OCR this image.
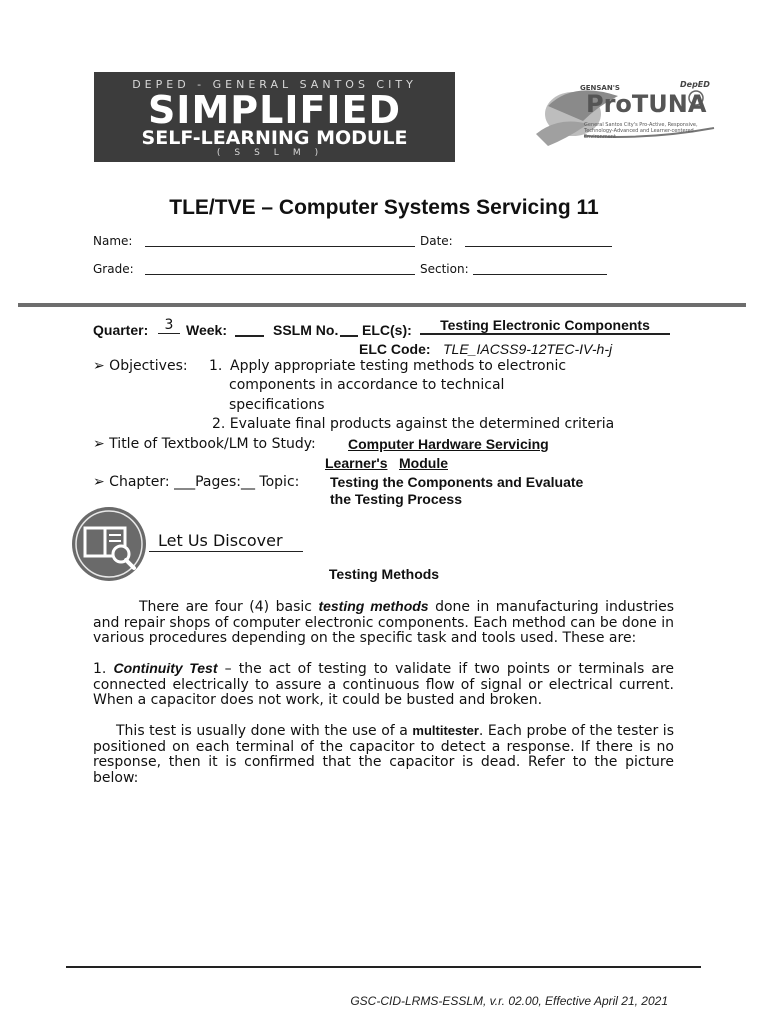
DEPED - GENERAL SANTOS CITY
SIMPLIFIED
SELF-LEARNING MODULE
(SSLM)
GENSAN'S	DepED
ProTUNA
General Santos City's Pro-Active, Responsive, Technology-Advanced and Learner-centered Environment
TLE/TVE – Computer Systems Servicing 11
Name:	Date:
Grade:	Section:
Quarter:	3 Week:	SSLM No. ELC(s):	Testing Electronic Components
ELC Code: TLE_IACSS9-12TEC-IV-h-j
➢ Objectives: 1. Apply appropriate testing methods to electronic
components in accordance to technical
specifications
2. Evaluate final products against the determined criteria
➢ Title of Textbook/LM to Study: Computer Hardware Servicing
Learner's Module
➢ Chapter: ___Pages:__ Topic: Testing the Components and Evaluate
the Testing Process
Let Us Discover
Testing Methods
There are four (4) basic testing methods done in manufacturing industries and repair shops of computer electronic components. Each method can be done in various procedures depending on the specific task and tools used. These are:
1. Continuity Test – the act of testing to validate if two points or terminals are connected electrically to assure a continuous flow of signal or electrical current. When a capacitor does not work, it could be busted and broken.
This test is usually done with the use of a multitester. Each probe of the tester is positioned on each terminal of the capacitor to detect a response. If there is no response, then it is confirmed that the capacitor is dead. Refer to the picture below:
GSC-CID-LRMS-ESSLM, v.r. 02.00, Effective April 21, 2021
